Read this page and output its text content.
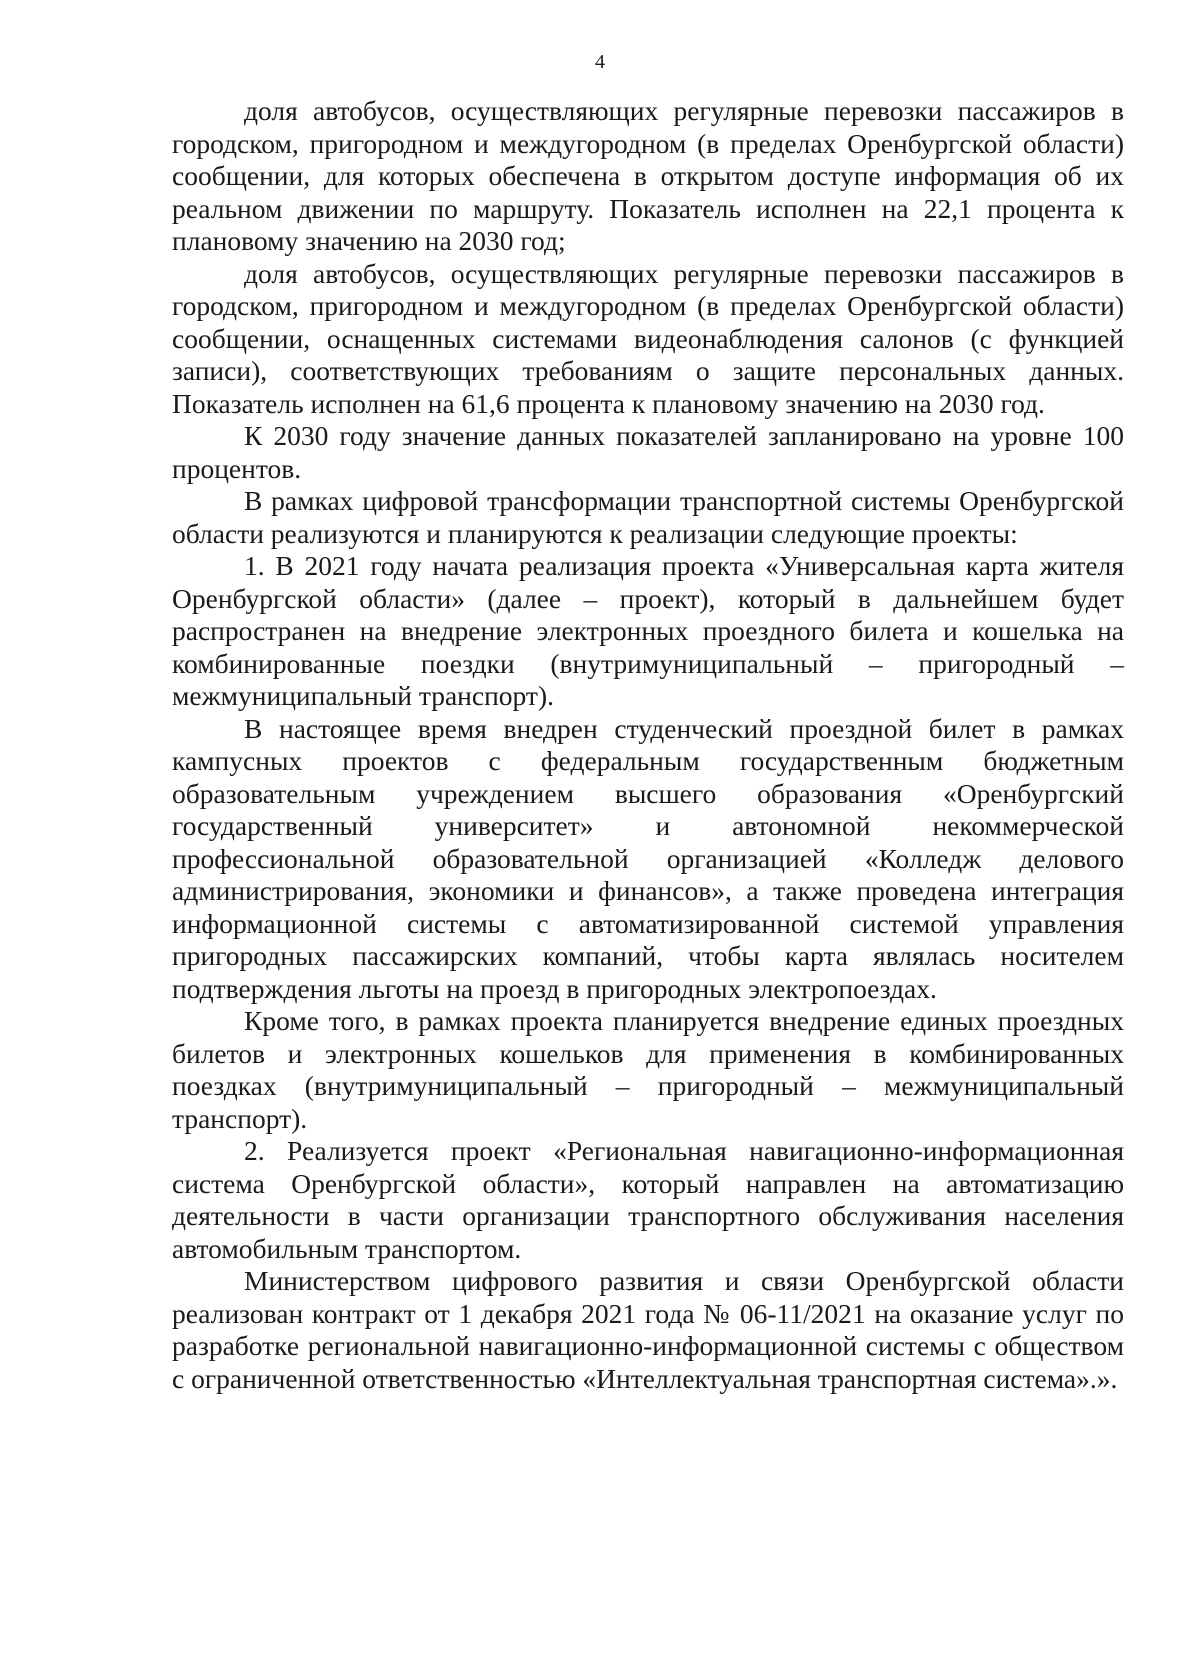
4

доля автобусов, осуществляющих регулярные перевозки пассажиров в городском, пригородном и междугородном (в пределах Оренбургской области) сообщении, для которых обеспечена в открытом доступе информация об их реальном движении по маршруту. Показатель исполнен на 22,1 процента к плановому значению на 2030 год;

доля автобусов, осуществляющих регулярные перевозки пассажиров в городском, пригородном и междугородном (в пределах Оренбургской области) сообщении, оснащенных системами видеонаблюдения салонов (с функцией записи), соответствующих требованиям о защите персональных данных. Показатель исполнен на 61,6 процента к плановому значению на 2030 год.

К 2030 году значение данных показателей запланировано на уровне 100 процентов.

В рамках цифровой трансформации транспортной системы Оренбургской области реализуются и планируются к реализации следующие проекты:

1. В 2021 году начата реализация проекта «Универсальная карта жителя Оренбургской области» (далее – проект), который в дальнейшем будет распространен на внедрение электронных проездного билета и кошелька на комбинированные поездки (внутримуниципальный – пригородный – межмуниципальный транспорт).

В настоящее время внедрен студенческий проездной билет в рамках кампусных проектов с федеральным государственным бюджетным образовательным учреждением высшего образования «Оренбургский государственный университет» и автономной некоммерческой профессиональной образовательной организацией «Колледж делового администрирования, экономики и финансов», а также проведена интеграция информационной системы с автоматизированной системой управления пригородных пассажирских компаний, чтобы карта являлась носителем подтверждения льготы на проезд в пригородных электропоездах.

Кроме того, в рамках проекта планируется внедрение единых проездных билетов и электронных кошельков для применения в комбинированных поездках (внутримуниципальный – пригородный – межмуниципальный транспорт).

2. Реализуется проект «Региональная навигационно-информационная система Оренбургской области», который направлен на автоматизацию деятельности в части организации транспортного обслуживания населения автомобильным транспортом.

Министерством цифрового развития и связи Оренбургской области реализован контракт от 1 декабря 2021 года № 06-11/2021 на оказание услуг по разработке региональной навигационно-информационной системы с обществом с ограниченной ответственностью «Интеллектуальная транспортная система».».
